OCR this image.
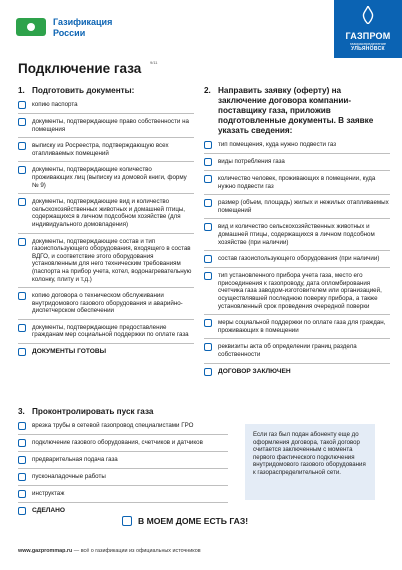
Газификация
России	ГАЗПРОМ
газораспределение
УЛЬЯНОВСК
Подключение газа 9/11
1. Подготовить документы:
копию паспорта
документы, подтверждающие право собственности на помещения
выписку из Росреестра, подтверждающую всех отапливаемых помещений
документы, подтверждающие количество проживающих лиц (выписку из домовой книги, форму № 9)
документы, подтверждающие вид и количество сельскохозяйственных животных и домашней птицы, содержащихся в личном подсобном хозяйстве (для индивидуального домовладения)
документы, подтверждающие состав и тип газоиспользующего оборудования, входящего в состав ВДГО, и соответствие этого оборудования установленным для него техническим требованиям (паспорта на прибор учета, котел, водонагревательную колонку, плиту и т.д.)
копию договора о техническом обслуживании внутридомового газового оборудования и аварийно-диспетчерском обеспечении
документы, подтверждающие предоставление гражданам мер социальной поддержки по оплате газа
ДОКУМЕНТЫ ГОТОВЫ
2. Направить заявку (оферту) на заключение договора компании-поставщику газа, приложив подготовленные документы. В заявке указать сведения:
тип помещения, куда нужно подвести газ
виды потребления газа
количество человек, проживающих в помещении, куда нужно подвести газ
размер (объем, площадь) жилых и нежилых отапливаемых помещений
вид и количество сельскохозяйственных животных и домашней птицы, содержащихся в личном подсобном хозяйстве (при наличии)
состав газоиспользующего оборудования (при наличии)
тип установленного прибора учета газа, место его присоединения к газопроводу, дата опломбирования счетчика газа заводом-изготовителем или организацией, осуществлявшей последнюю поверку прибора, а также установленный срок проведения очередной поверки
меры социальной поддержки по оплате газа для граждан, проживающих в помещении
реквизиты акта об определении границ раздела собственности
ДОГОВОР ЗАКЛЮЧЕН
3. Проконтролировать пуск газа
врезка трубы в сетевой газопровод специалистами ГРО
подключение газового оборудования, счетчиков и датчиков
предварительная подача газа
пусконаладочные работы
инструктаж
СДЕЛАНО
Если газ был подан абоненту еще до оформления договора, такой договор считается заключенным с момента первого фактического подключения внутридомового газового оборудования к газораспределительной сети.
В МОЕМ ДОМЕ ЕСТЬ ГАЗ!
www.gazprommap.ru — всё о газификации из официальных источников
